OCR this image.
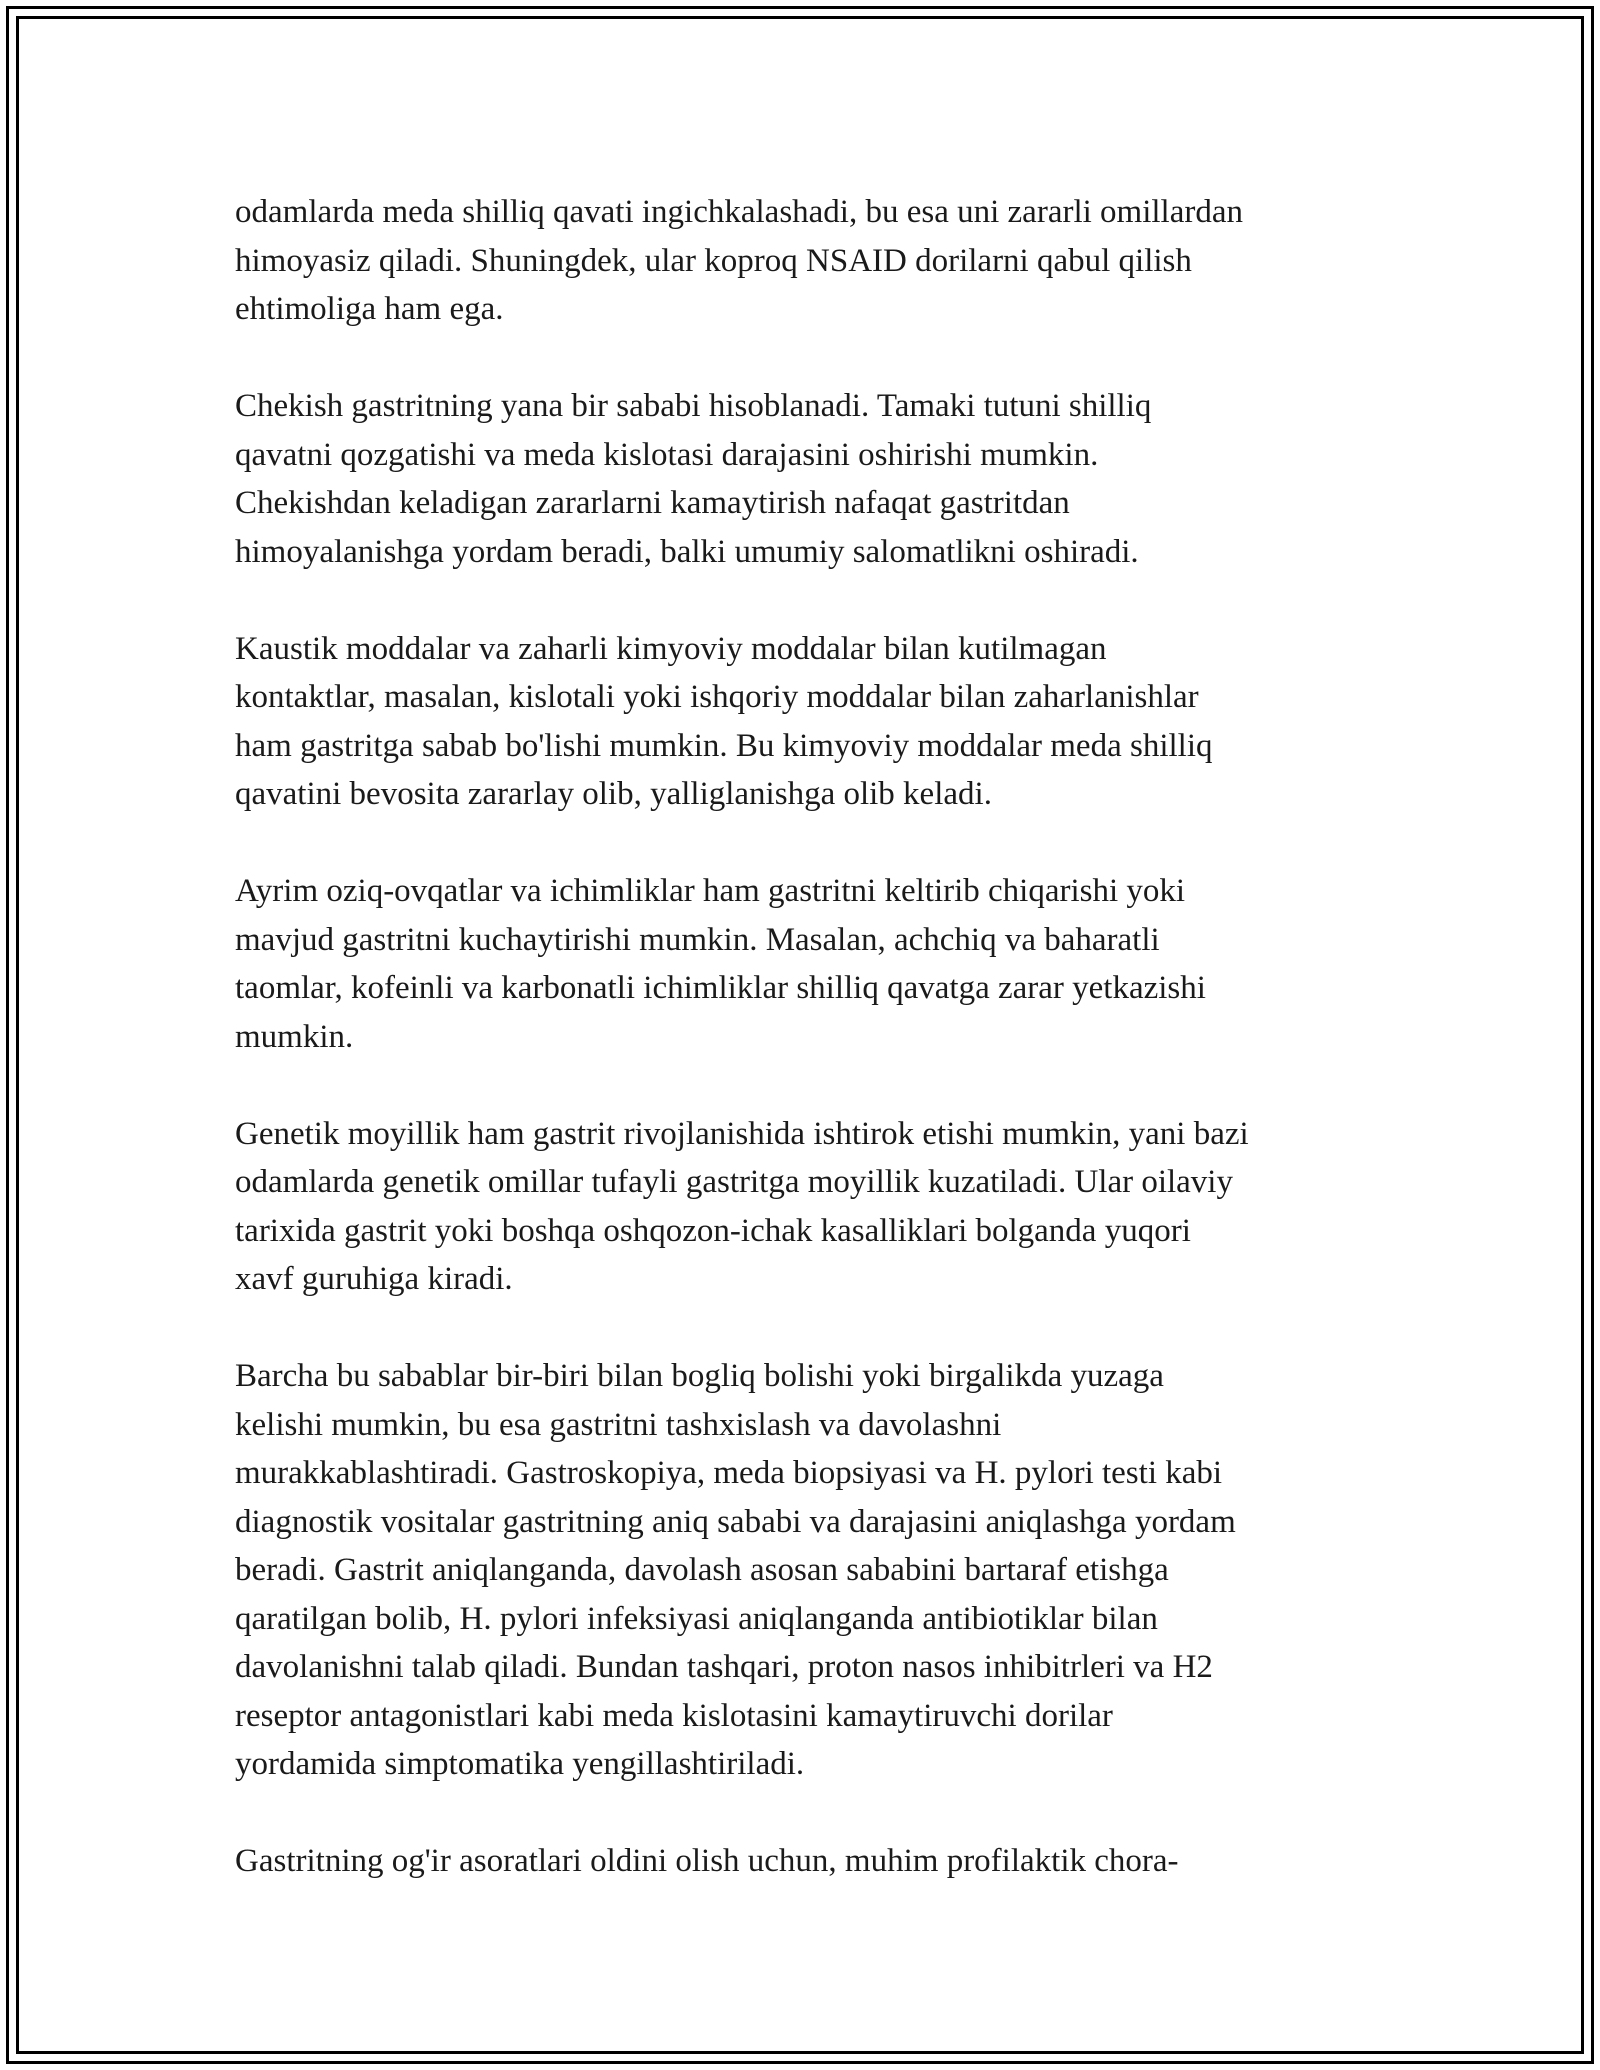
odamlarda meda shilliq qavati ingichkalashadi, bu esa uni zararli omillardan
himoyasiz qiladi. Shuningdek, ular koproq NSAID dorilarni qabul qilish
ehtimoliga ham ega.

Chekish gastritning yana bir sababi hisoblanadi. Tamaki tutuni shilliq
qavatni qozgatishi va meda kislotasi darajasini oshirishi mumkin.
Chekishdan keladigan zararlarni kamaytirish nafaqat gastritdan
himoyalanishga yordam beradi, balki umumiy salomatlikni oshiradi.

Kaustik moddalar va zaharli kimyoviy moddalar bilan kutilmagan
kontaktlar, masalan, kislotali yoki ishqoriy moddalar bilan zaharlanishlar
ham gastritga sabab bo'lishi mumkin. Bu kimyoviy moddalar meda shilliq
qavatini bevosita zararlay olib, yalliglanishga olib keladi.

Ayrim oziq-ovqatlar va ichimliklar ham gastritni keltirib chiqarishi yoki
mavjud gastritni kuchaytirishi mumkin. Masalan, achchiq va baharatli
taomlar, kofeinli va karbonatli ichimliklar shilliq qavatga zarar yetkazishi
mumkin.

Genetik moyillik ham gastrit rivojlanishida ishtirok etishi mumkin, yani bazi
odamlarda genetik omillar tufayli gastritga moyillik kuzatiladi. Ular oilaviy
tarixida gastrit yoki boshqa oshqozon-ichak kasalliklari bolganda yuqori
xavf guruhiga kiradi.

Barcha bu sabablar bir-biri bilan bogliq bolishi yoki birgalikda yuzaga
kelishi mumkin, bu esa gastritni tashxislash va davolashni
murakkablashtiradi. Gastroskopiya, meda biopsiyasi va H. pylori testi kabi
diagnostik vositalar gastritning aniq sababi va darajasini aniqlashga yordam
beradi. Gastrit aniqlanganda, davolash asosan sababini bartaraf etishga
qaratilgan bolib, H. pylori infeksiyasi aniqlanganda antibiotiklar bilan
davolanishni talab qiladi. Bundan tashqari, proton nasos inhibitrleri va H2
reseptor antagonistlari kabi meda kislotasini kamaytiruvchi dorilar
yordamida simptomatika yengillashtiriladi.

Gastritning og'ir asoratlari oldini olish uchun, muhim profilaktik chora-
